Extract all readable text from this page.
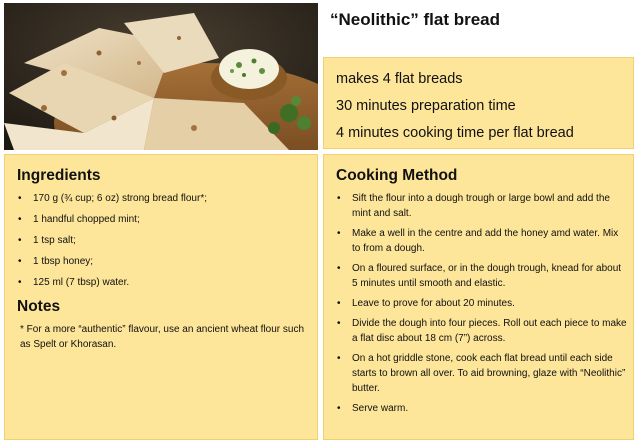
“Neolithic” flat bread
makes 4 flat breads
30 minutes preparation time
4 minutes cooking time per flat bread
Ingredients
• 170 g (¾ cup; 6 oz) strong bread flour*;
• 1 handful chopped mint;
• 1 tsp salt;
• 1 tbsp honey;
• 125 ml (7 tbsp) water.
Notes
* For a more “authentic” flavour, use an ancient wheat flour such as Spelt or Khorasan.
Cooking Method
• Sift the flour into a dough trough or large bowl and add the mint and salt.
• Make a well in the centre and add the honey amd water. Mix to from a dough.
• On a floured surface, or in the dough trough, knead for about 5 minutes until smooth and elastic.
• Leave to prove for about 20 minutes.
• Divide the dough into four pieces. Roll out each piece to make a flat disc about 18 cm (7”) across.
• On a hot griddle stone, cook each flat bread until each side starts to brown all over. To aid browning, glaze with “Neolithic” butter.
• Serve warm.
